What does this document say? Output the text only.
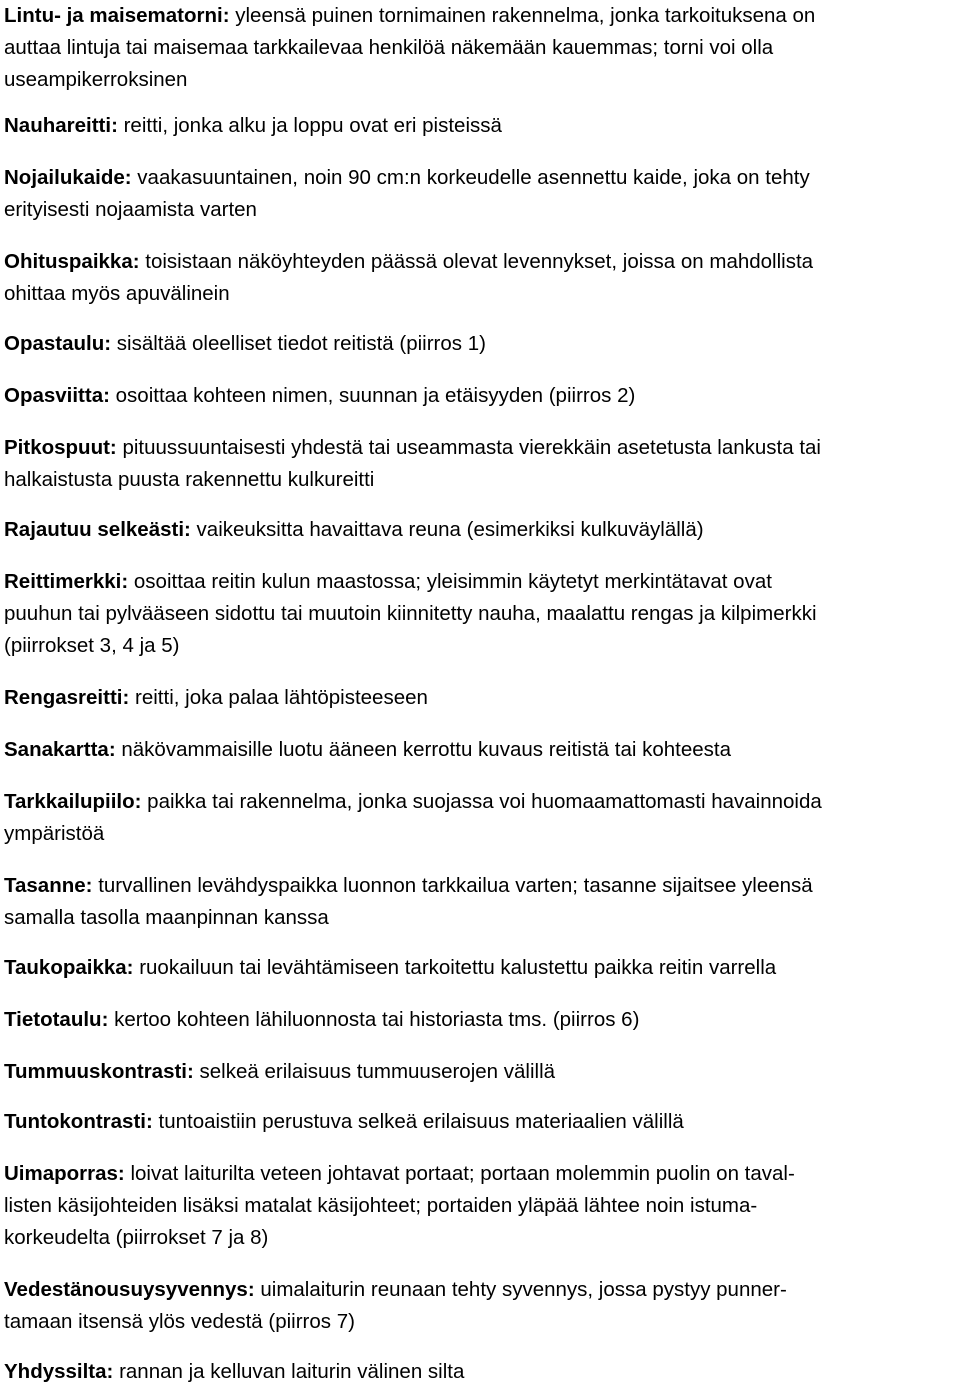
Lintu- ja maisematorni: yleensä puinen tornimainen rakennelma, jonka tarkoituksena on
auttaa lintuja tai maisemaa tarkkailevaa henkilöä näkemään kauemmas; torni voi olla
useampikerroksinen

Nauhareitti: reitti, jonka alku ja loppu ovat eri pisteissä

Nojailukaide: vaakasuuntainen, noin 90 cm:n korkeudelle asennettu kaide, joka on tehty
erityisesti nojaamista varten

Ohituspaikka: toisistaan näköyhteyden päässä olevat levennykset, joissa on mahdollista
ohittaa myös apuvälinein

Opastaulu: sisältää oleelliset tiedot reitistä (piirros 1)

Opasviitta: osoittaa kohteen nimen, suunnan ja etäisyyden (piirros 2)

Pitkospuut: pituussuuntaisesti yhdestä tai useammasta vierekkäin asetetusta lankusta tai
halkaistusta puusta rakennettu kulkureitti

Rajautuu selkeästi: vaikeuksitta havaittava reuna (esimerkiksi kulkuväylällä)

Reittimerkki: osoittaa reitin kulun maastossa; yleisimmin käytetyt merkintätavat ovat
puuhun tai pylvääseen sidottu tai muutoin kiinnitetty nauha, maalattu rengas ja kilpimerkki
(piirrokset 3, 4 ja 5)

Rengasreitti: reitti, joka palaa lähtöpisteeseen

Sanakartta: näkövammaisille luotu ääneen kerrottu kuvaus reitistä tai kohteesta

Tarkkailupiilo: paikka tai rakennelma, jonka suojassa voi huomaamattomasti havainnoida
ympäristöä

Tasanne: turvallinen levähdyspaikka luonnon tarkkailua varten; tasanne sijaitsee yleensä
samalla tasolla maanpinnan kanssa

Taukopaikka: ruokailuun tai levähtämiseen tarkoitettu kalustettu paikka reitin varrella

Tietotaulu: kertoo kohteen lähiluonnosta tai historiasta tms. (piirros 6)

Tummuuskontrasti: selkeä erilaisuus tummuuserojen välillä

Tuntokontrasti: tuntoaistiin perustuva selkeä erilaisuus materiaalien välillä

Uimaporras: loivat laiturilta veteen johtavat portaat; portaan molemmin puolin on taval-
listen käsijohteiden lisäksi matalat käsijohteet; portaiden yläpää lähtee noin istuma-
korkeudelta (piirrokset 7 ja 8)

Vedestänousuysyvennys: uimalaiturin reunaan tehty syvennys, jossa pystyy punner-
tamaan itsensä ylös vedestä (piirros 7)

Yhdyssilta: rannan ja kelluvan laiturin välinen silta
